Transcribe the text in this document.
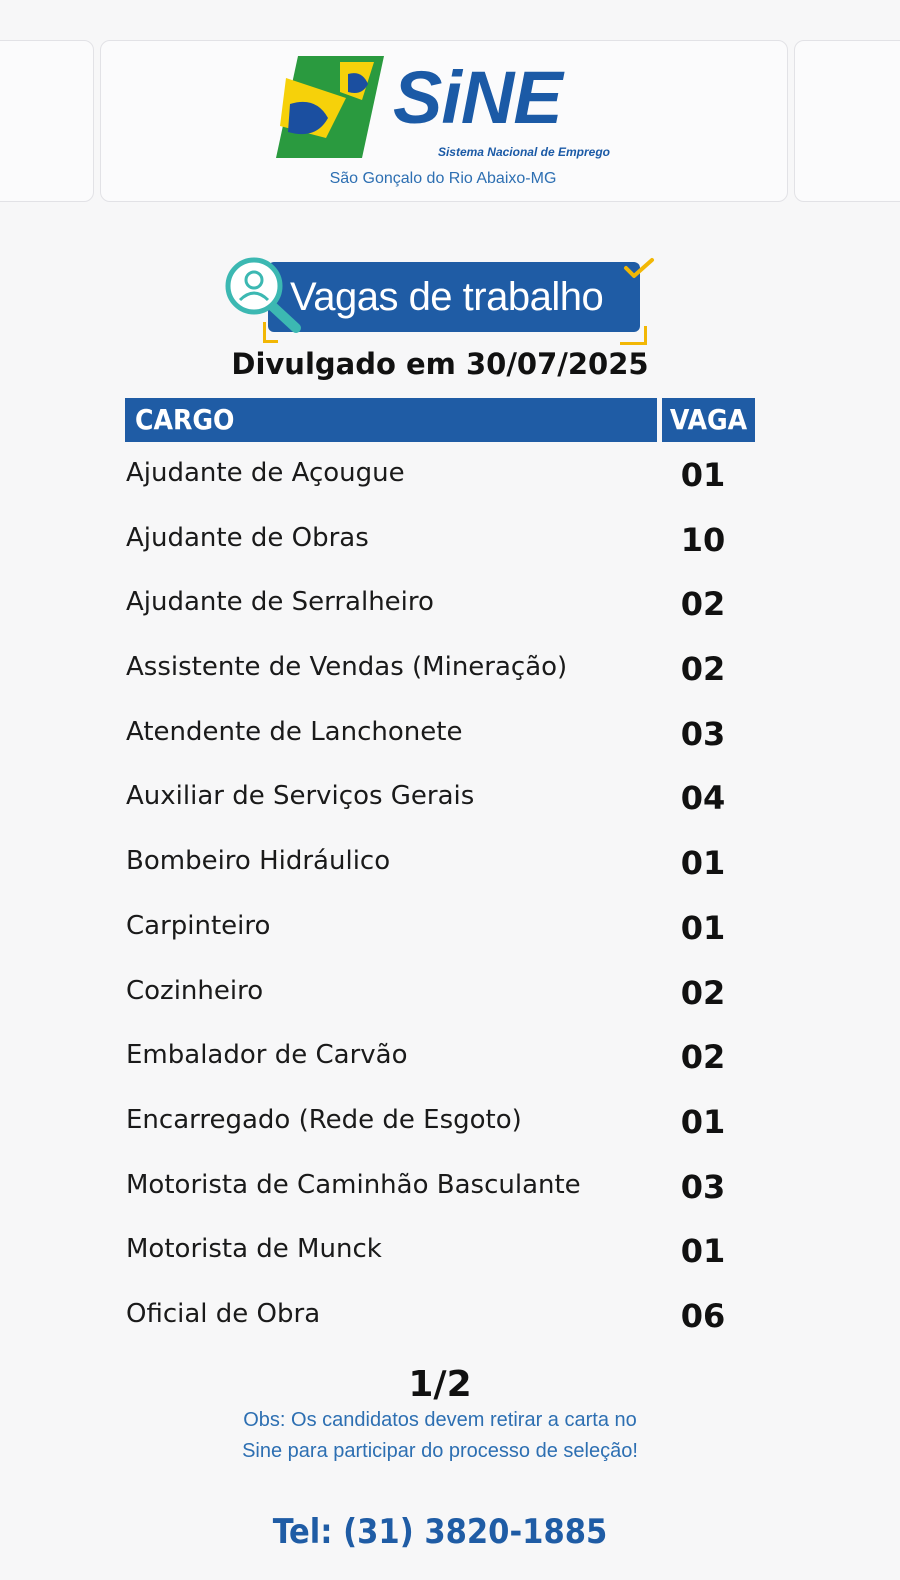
SiNE
Sistema Nacional de Emprego
São Gonçalo do Rio Abaixo-MG
Vagas de trabalho
Divulgado em 30/07/2025
CARGO	VAGA
Ajudante de Açougue	01
Ajudante de Obras	10
Ajudante de Serralheiro	02
Assistente de Vendas (Mineração)	02
Atendente de Lanchonete	03
Auxiliar de Serviços Gerais	04
Bombeiro Hidráulico	01
Carpinteiro	01
Cozinheiro	02
Embalador de Carvão	02
Encarregado (Rede de Esgoto)	01
Motorista de Caminhão Basculante	03
Motorista de Munck	01
Oficial de Obra	06
1/2
Obs: Os candidatos devem retirar a carta no
Sine para participar do processo de seleção!
Tel: (31) 3820-1885
